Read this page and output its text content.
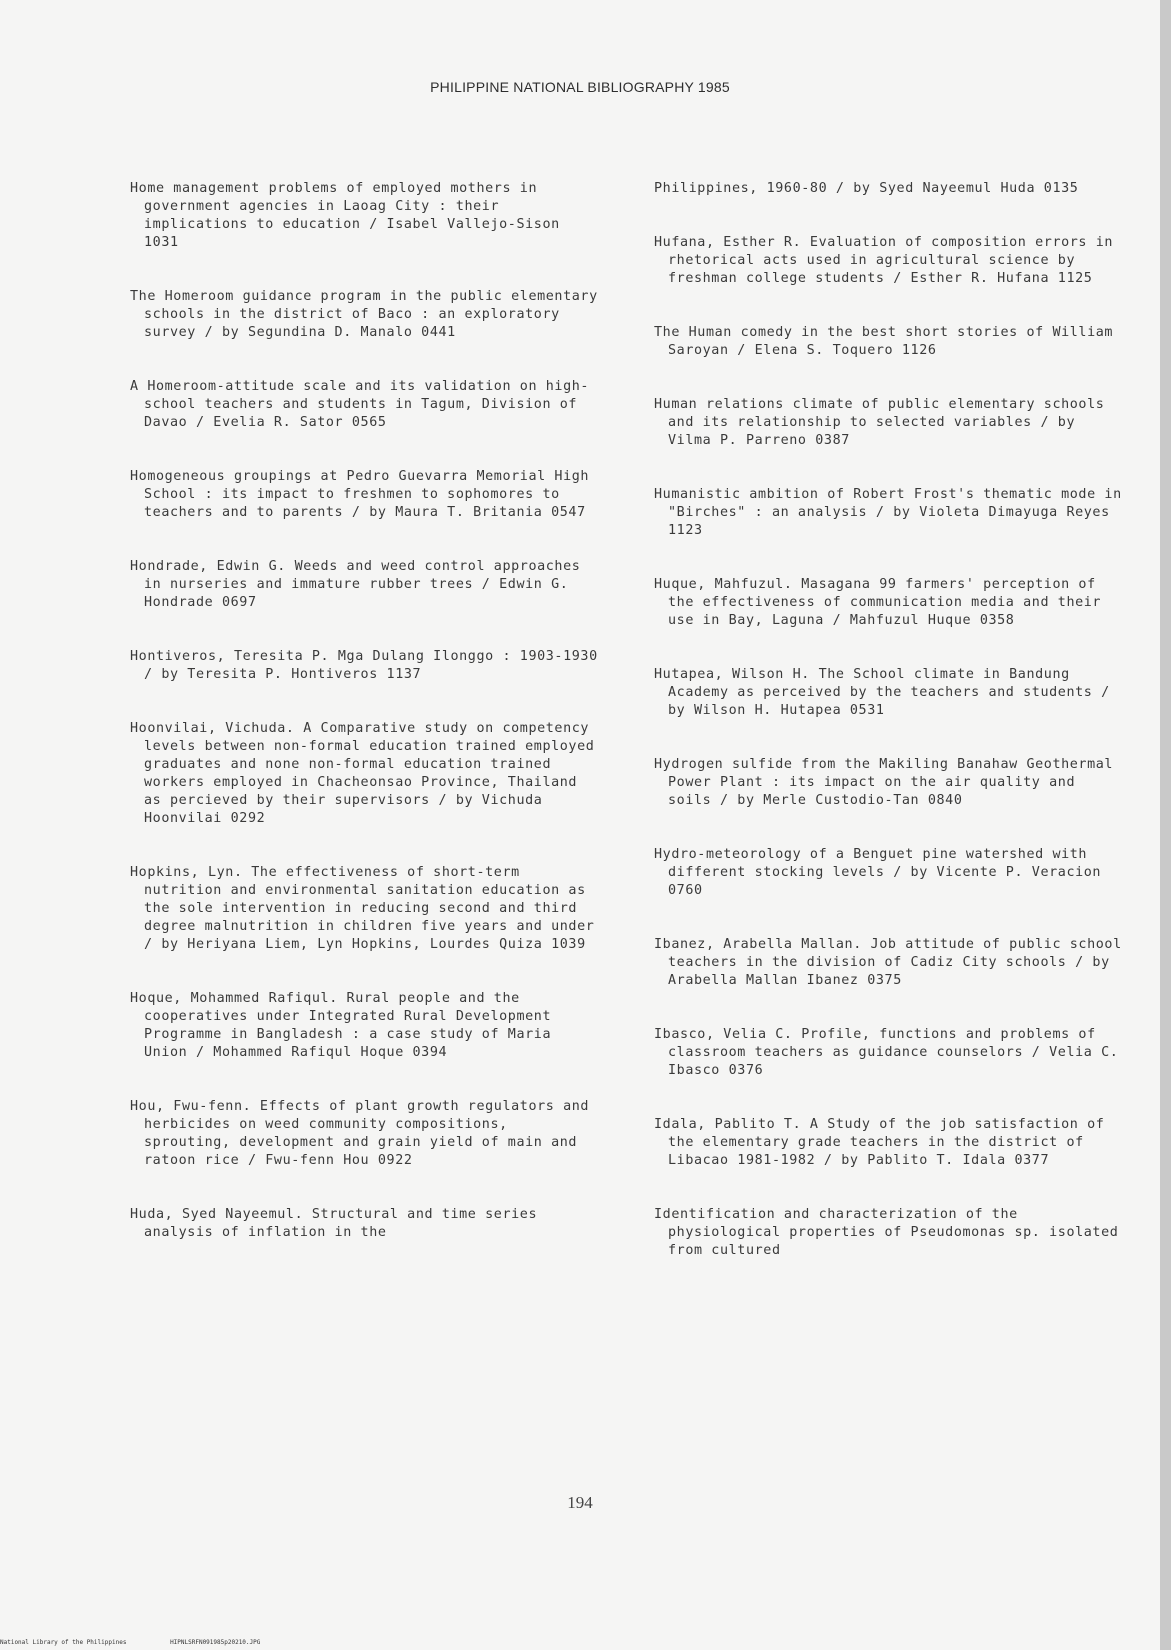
PHILIPPINE NATIONAL BIBLIOGRAPHY 1985

Home management problems of employed mothers in government agencies in Laoag City : their implications to education / Isabel Vallejo-Sison 1031

The Homeroom guidance program in the public elementary schools in the district of Baco : an exploratory survey / by Segundina D. Manalo 0441

A Homeroom-attitude scale and its validation on high-school teachers and students in Tagum, Division of Davao / Evelia R. Sator 0565

Homogeneous groupings at Pedro Guevarra Memorial High School : its impact to freshmen to sophomores to teachers and to parents / by Maura T. Britania 0547

Hondrade, Edwin G. Weeds and weed control approaches in nurseries and immature rubber trees / Edwin G. Hondrade 0697

Hontiveros, Teresita P. Mga Dulang Ilonggo : 1903-1930 / by Teresita P. Hontiveros 1137

Hoonvilai, Vichuda. A Comparative study on competency levels between non-formal education trained employed graduates and none non-formal education trained workers employed in Chacheonsao Province, Thailand as percieved by their supervisors / by Vichuda Hoonvilai 0292

Hopkins, Lyn. The effectiveness of short-term nutrition and environmental sanitation education as the sole intervention in reducing second and third degree malnutrition in children five years and under / by Heriyana Liem, Lyn Hopkins, Lourdes Quiza 1039

Hoque, Mohammed Rafiqul. Rural people and the cooperatives under Integrated Rural Development Programme in Bangladesh : a case study of Maria Union / Mohammed Rafiqul Hoque 0394

Hou, Fwu-fenn. Effects of plant growth regulators and herbicides on weed community compositions, sprouting, development and grain yield of main and ratoon rice / Fwu-fenn Hou 0922

Huda, Syed Nayeemul. Structural and time series analysis of inflation in the

Philippines, 1960-80 / by Syed Nayeemul Huda 0135

Hufana, Esther R. Evaluation of composition errors in rhetorical acts used in agricultural science by freshman college students / Esther R. Hufana 1125

The Human comedy in the best short stories of William Saroyan / Elena S. Toquero 1126

Human relations climate of public elementary schools and its relationship to selected variables / by Vilma P. Parreno 0387

Humanistic ambition of Robert Frost's thematic mode in "Birches" : an analysis / by Violeta Dimayuga Reyes 1123

Huque, Mahfuzul. Masagana 99 farmers' perception of the effectiveness of communication media and their use in Bay, Laguna / Mahfuzul Huque 0358

Hutapea, Wilson H. The School climate in Bandung Academy as perceived by the teachers and students / by Wilson H. Hutapea 0531

Hydrogen sulfide from the Makiling Banahaw Geothermal Power Plant : its impact on the air quality and soils / by Merle Custodio-Tan 0840

Hydro-meteorology of a Benguet pine watershed with different stocking levels / by Vicente P. Veracion 0760

Ibanez, Arabella Mallan. Job attitude of public school teachers in the division of Cadiz City schools / by Arabella Mallan Ibanez 0375

Ibasco, Velia C. Profile, functions and problems of classroom teachers as guidance counselors / Velia C. Ibasco 0376

Idala, Pablito T. A Study of the job satisfaction of the elementary grade teachers in the district of Libacao 1981-1982 / by Pablito T. Idala 0377

Identification and characterization of the physiological properties of Pseudomonas sp. isolated from cultured

194
National Library of the Philippines	HIPNLSRFN091985p20210.JPG
